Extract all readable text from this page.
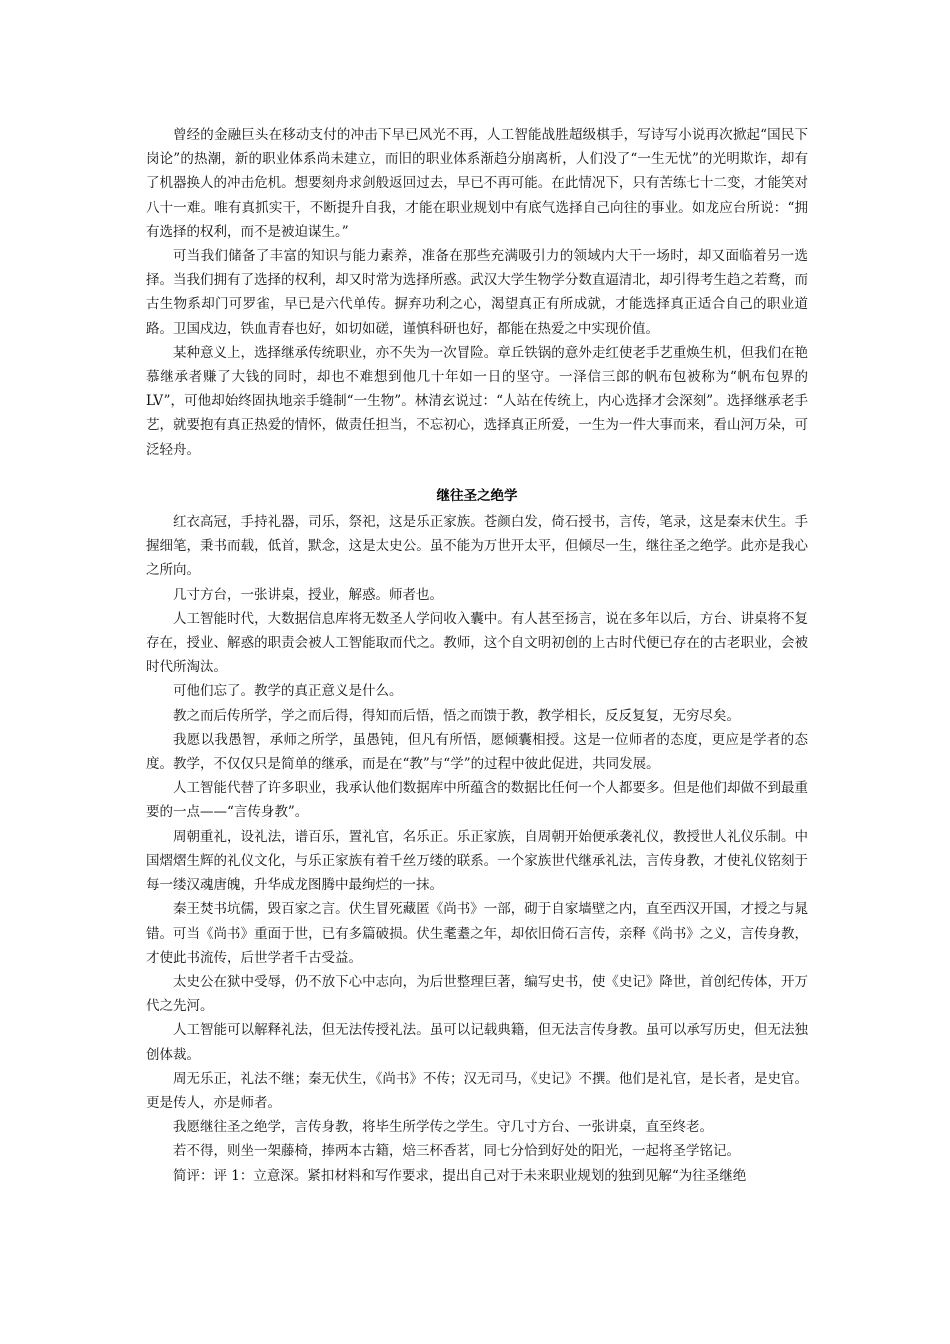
曾经的金融巨头在移动支付的冲击下早已风光不再，人工智能战胜超级棋手，写诗写小说再次掀起“国民下岗论”的热潮，新的职业体系尚未建立，而旧的职业体系渐趋分崩离析，人们没了“一生无忧”的光明欺诈，却有了机器换人的冲击危机。想要刻舟求剑般返回过去，早已不再可能。在此情况下，只有苦练七十二变，才能笑对八十一难。唯有真抓实干，不断提升自我，才能在职业规划中有底气选择自己向往的事业。如龙应台所说：“拥有选择的权利，而不是被迫谋生。”

可当我们储备了丰富的知识与能力素养，准备在那些充满吸引力的领域内大干一场时，却又面临着另一选择。当我们拥有了选择的权利，却又时常为选择所惑。武汉大学生物学分数直逼清北，却引得考生趋之若鹜，而古生物系却门可罗雀，早已是六代单传。摒弃功利之心，渴望真正有所成就，才能选择真正适合自己的职业道路。卫国戍边，铁血青春也好，如切如磋，谨慎科研也好，都能在热爱之中实现价值。

某种意义上，选择继承传统职业，亦不失为一次冒险。章丘铁锅的意外走红使老手艺重焕生机，但我们在艳慕继承者赚了大钱的同时，却也不难想到他几十年如一日的坚守。一泽信三郎的帆布包被称为“帆布包界的LV”，可他却始终固执地亲手缝制“一生物”。林清玄说过：“人站在传统上，内心选择才会深刻”。选择继承老手艺，就要抱有真正热爱的情怀，做责任担当，不忘初心，选择真正所爱，一生为一件大事而来，看山河万朵，可泛轻舟。

继往圣之绝学

红衣高冠，手持礼器，司乐，祭祀，这是乐正家族。苍颜白发，倚石授书，言传，笔录，这是秦末伏生。手握细笔，秉书而载，低首，默念，这是太史公。虽不能为万世开太平，但倾尽一生，继往圣之绝学。此亦是我心之所向。

几寸方台，一张讲桌，授业，解惑。师者也。

人工智能时代，大数据信息库将无数圣人学问收入囊中。有人甚至扬言，说在多年以后，方台、讲桌将不复存在，授业、解惑的职责会被人工智能取而代之。教师，这个自文明初创的上古时代便已存在的古老职业，会被时代所淘汰。

可他们忘了。教学的真正意义是什么。

教之而后传所学，学之而后得，得知而后悟，悟之而馈于教，教学相长，反反复复，无穷尽矣。

我愿以我愚智，承师之所学，虽愚钝，但凡有所悟，愿倾囊相授。这是一位师者的态度，更应是学者的态度。教学，不仅仅只是简单的继承，而是在“教”与“学”的过程中彼此促进，共同发展。

人工智能代替了许多职业，我承认他们数据库中所蕴含的数据比任何一个人都要多。但是他们却做不到最重要的一点——“言传身教”。

周朝重礼，设礼法，谱百乐，置礼官，名乐正。乐正家族，自周朝开始便承袭礼仪，教授世人礼仪乐制。中国熠熠生辉的礼仪文化，与乐正家族有着千丝万缕的联系。一个家族世代继承礼法，言传身教，才使礼仪铭刻于每一缕汉魂唐魄，升华成龙图腾中最绚烂的一抹。

秦王焚书坑儒，毁百家之言。伏生冒死藏匿《尚书》一部，砌于自家墙壁之内，直至西汉开国，才授之与晁错。可当《尚书》重面于世，已有多篇破损。伏生耄耋之年，却依旧倚石言传，亲释《尚书》之义，言传身教，才使此书流传，后世学者千古受益。

太史公在狱中受辱，仍不放下心中志向，为后世整理巨著，编写史书，使《史记》降世，首创纪传体，开万代之先河。

人工智能可以解释礼法，但无法传授礼法。虽可以记载典籍，但无法言传身教。虽可以承写历史，但无法独创体裁。

周无乐正，礼法不继；秦无伏生，《尚书》不传；汉无司马，《史记》不撰。他们是礼官，是长者，是史官。更是传人，亦是师者。

我愿继往圣之绝学，言传身教，将毕生所学传之学生。守几寸方台、一张讲桌，直至终老。

若不得，则坐一架藤椅，捧两本古籍，焙三杯香茗，同七分恰到好处的阳光，一起将圣学铭记。

简评：评 1：立意深。紧扣材料和写作要求，提出自己对于未来职业规划的独到见解“为往圣继绝
